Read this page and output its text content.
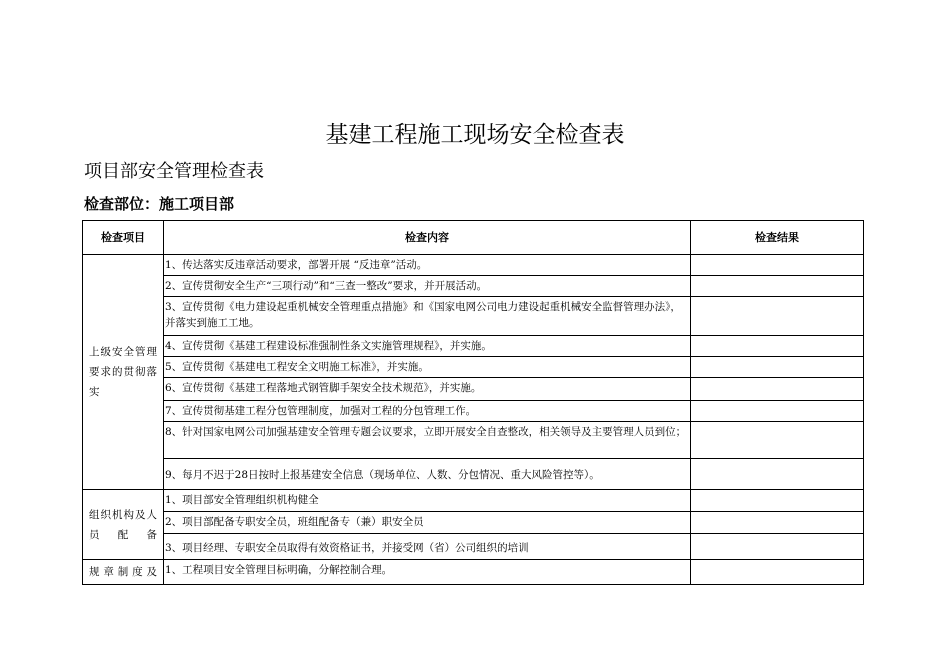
基建工程施工现场安全检查表
项目部安全管理检查表
检查部位：施工项目部
检查项目	检查内容	检查结果
上级安全管理要求的贯彻落实	1、传达落实反违章活动要求，部署开展 “反违章”活动。	
	2、宣传贯彻安全生产“三项行动”和“三查一整改”要求，并开展活动。	
	3、宣传贯彻《电力建设起重机械安全管理重点措施》和《国家电网公司电力建设起重机械安全监督管理办法》，并落实到施工工地。	
	4、宣传贯彻《基建工程建设标准强制性条文实施管理规程》，并实施。	
	5、宣传贯彻《基建电工程安全文明施工标准》，并实施。	
	6、宣传贯彻《基建工程落地式钢管脚手架安全技术规范》，并实施。	
	7、宣传贯彻基建工程分包管理制度，加强对工程的分包管理工作。	
	8、针对国家电网公司加强基建安全管理专题会议要求，立即开展安全自查整改，相关领导及主要管理人员到位；	
	9、每月不迟于28日按时上报基建安全信息（现场单位、人数、分包情况、重大风险管控等）。	
组织机构及人员配备	1、项目部安全管理组织机构健全	
	2、项目部配备专职安全员，班组配备专（兼）职安全员	
	3、项目经理、专职安全员取得有效资格证书，并接受网（省）公司组织的培训	
规章制度及	1、工程项目安全管理目标明确，分解控制合理。	
